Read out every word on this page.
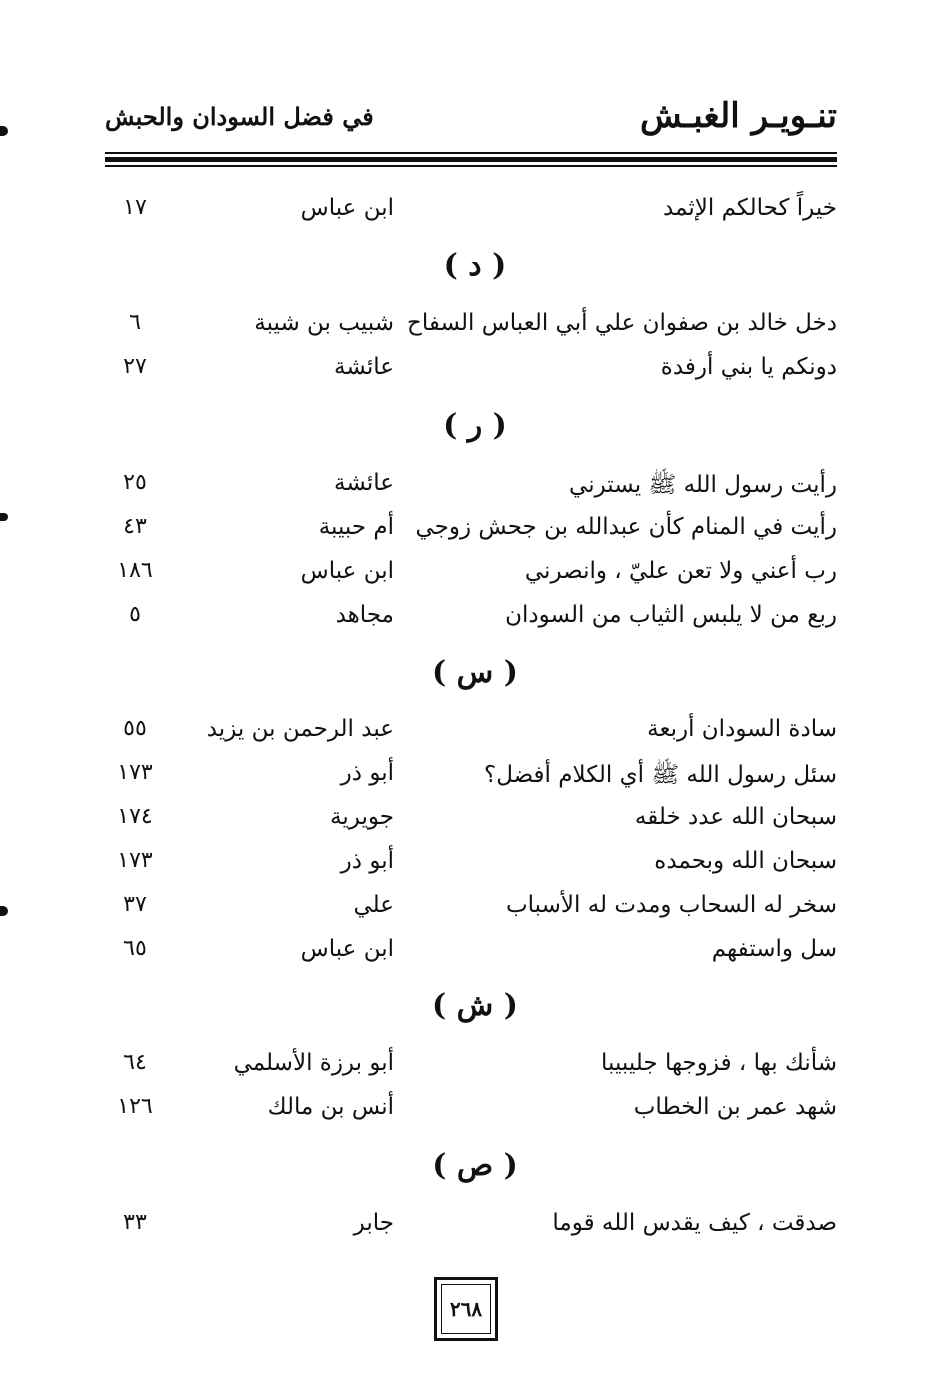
تنـويـر الغبـش
في فضل السودان والحبش
خيراً كحالكم الإثمد
ابن عباس
١٧
( د )
دخل خالد بن صفوان علي أبي العباس السفاح
شبيب بن شيبة
٦
دونكم يا بني أرفدة
عائشة
٢٧
( ر )
رأيت رسول الله ﷺ يسترني
عائشة
٢٥
رأيت في المنام كأن عبدالله بن جحش زوجي
أم حبيبة
٤٣
رب أعني ولا تعن عليّ ، وانصرني
ابن عباس
١٨٦
ربع من لا يلبس الثياب من السودان
مجاهد
٥
( س )
سادة السودان أربعة
عبد الرحمن بن يزيد
٥٥
سئل رسول الله ﷺ أي الكلام أفضل؟
أبو ذر
١٧٣
سبحان الله عدد خلقه
جويرية
١٧٤
سبحان الله وبحمده
أبو ذر
١٧٣
سخر له السحاب ومدت له الأسباب
علي
٣٧
سل واستفهم
ابن عباس
٦٥
( ش )
شأنك بها ، فزوجها جليبيبا
أبو برزة الأسلمي
٦٤
شهد عمر بن الخطاب
أنس بن مالك
١٢٦
( ص )
صدقت ، كيف يقدس الله قوما
جابر
٣٣
٢٦٨
